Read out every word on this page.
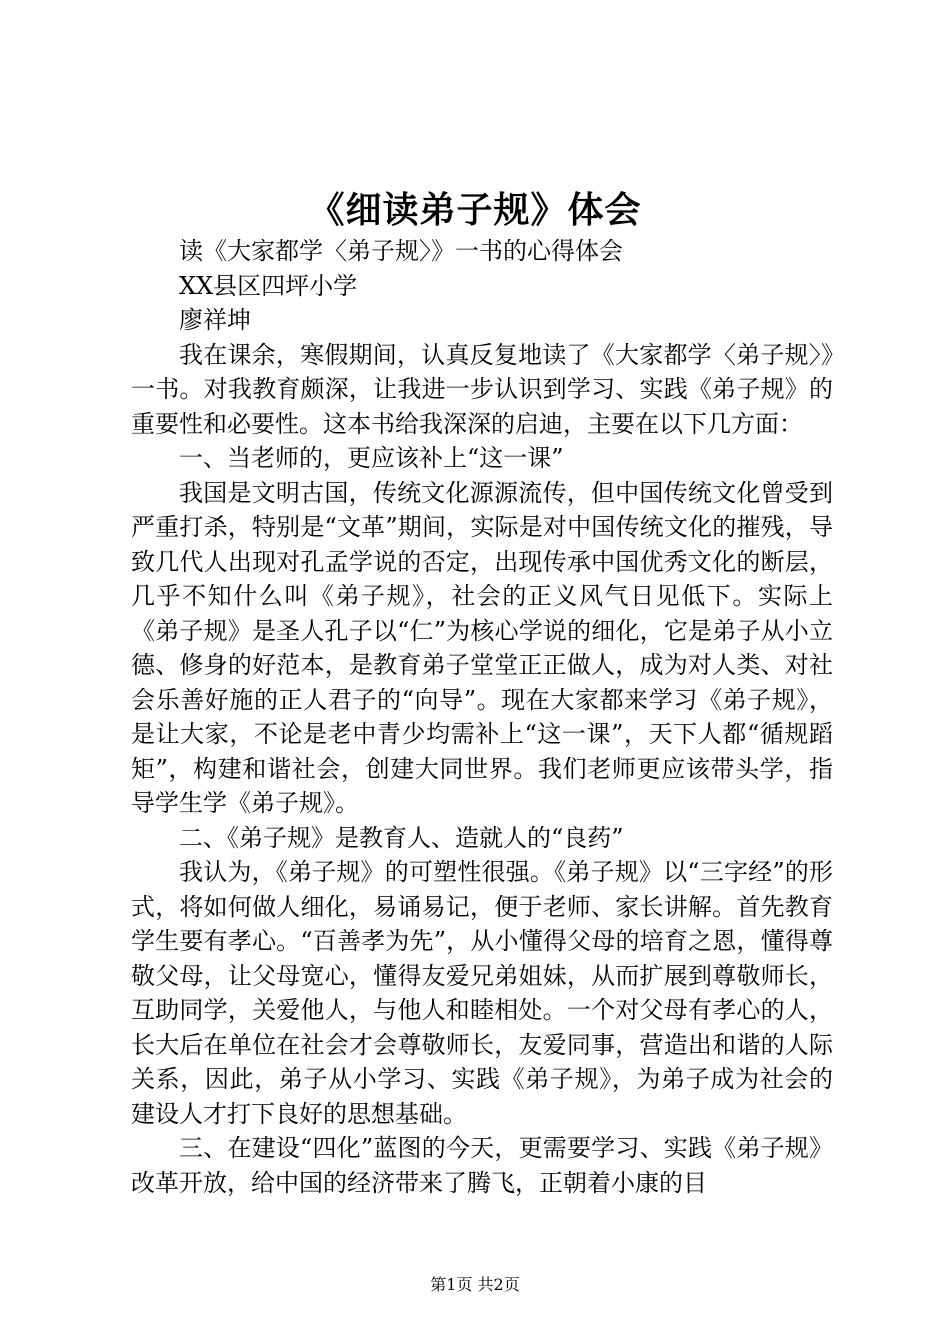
《细读弟子规》体会

读《大家都学〈弟子规〉》一书的心得体会

XX县区四坪小学

廖祥坤

我在课余，寒假期间，认真反复地读了《大家都学〈弟子规〉》一书。对我教育颇深，让我进一步认识到学习、实践《弟子规》的重要性和必要性。这本书给我深深的启迪，主要在以下几方面：

一、当老师的，更应该补上“这一课”

我国是文明古国，传统文化源源流传，但中国传统文化曾受到严重打杀，特别是“文革”期间，实际是对中国传统文化的摧残，导致几代人出现对孔孟学说的否定，出现传承中国优秀文化的断层，几乎不知什么叫《弟子规》，社会的正义风气日见低下。实际上《弟子规》是圣人孔子以“仁”为核心学说的细化，它是弟子从小立德、修身的好范本，是教育弟子堂堂正正做人，成为对人类、对社会乐善好施的正人君子的“向导”。现在大家都来学习《弟子规》，是让大家，不论是老中青少均需补上“这一课”，天下人都“循规蹈矩”，构建和谐社会，创建大同世界。我们老师更应该带头学，指导学生学《弟子规》。

二、《弟子规》是教育人、造就人的“良药”

我认为，《弟子规》的可塑性很强。《弟子规》以“三字经”的形式，将如何做人细化，易诵易记，便于老师、家长讲解。首先教育学生要有孝心。“百善孝为先”，从小懂得父母的培育之恩，懂得尊敬父母，让父母宽心，懂得友爱兄弟姐妹，从而扩展到尊敬师长，互助同学，关爱他人，与他人和睦相处。一个对父母有孝心的人，长大后在单位在社会才会尊敬师长，友爱同事，营造出和谐的人际关系，因此，弟子从小学习、实践《弟子规》，为弟子成为社会的建设人才打下良好的思想基础。

三、在建设“四化”蓝图的今天，更需要学习、实践《弟子规》改革开放，给中国的经济带来了腾飞，正朝着小康的目

第1页 共2页
